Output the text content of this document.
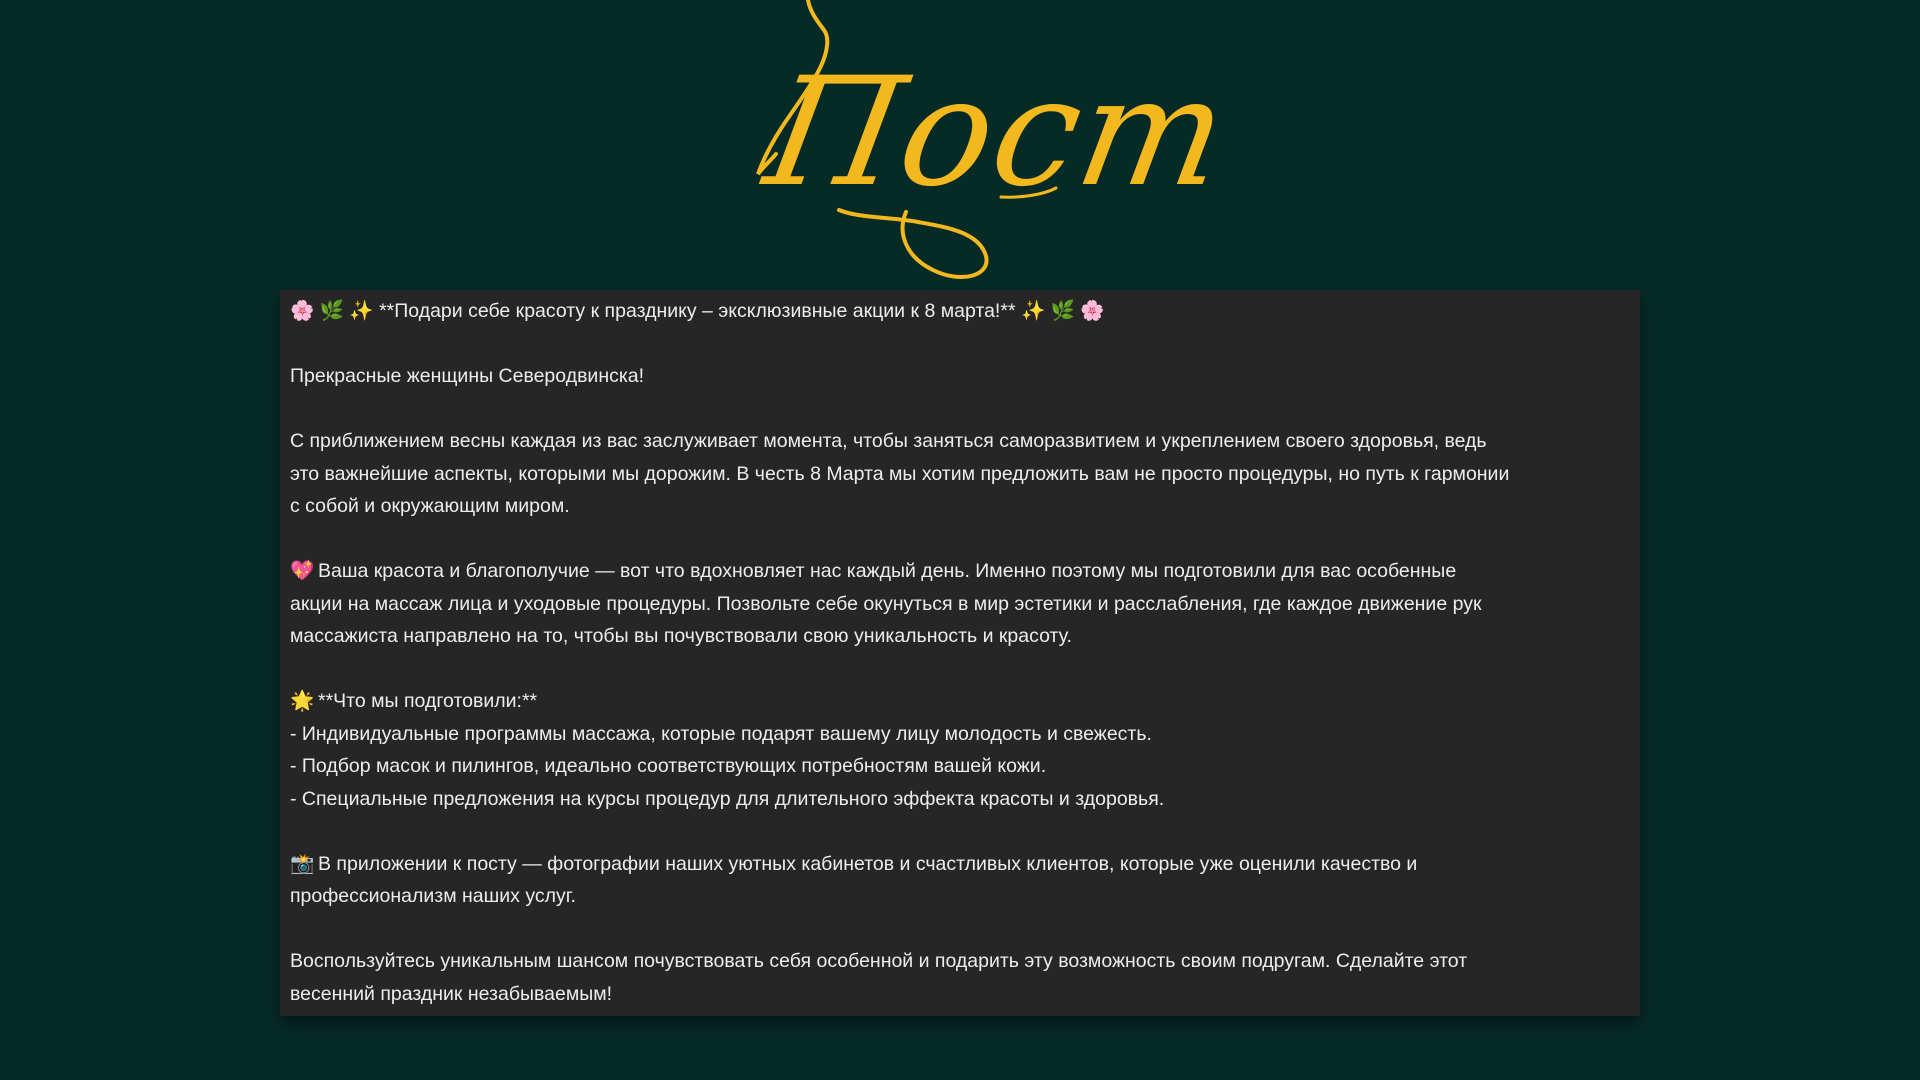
Пост
🌸 🌿 ✨ **Подари себе красоту к празднику – эксклюзивные акции к 8 марта!** ✨ 🌿 🌸
Прекрасные женщины Северодвинска!
С приближением весны каждая из вас заслуживает момента, чтобы заняться саморазвитием и укреплением своего здоровья, ведь
это важнейшие аспекты, которыми мы дорожим. В честь 8 Марта мы хотим предложить вам не просто процедуры, но путь к гармонии
с собой и окружающим миром.
💖 Ваша красота и благополучие — вот что вдохновляет нас каждый день. Именно поэтому мы подготовили для вас особенные
акции на массаж лица и уходовые процедуры. Позвольте себе окунуться в мир эстетики и расслабления, где каждое движение рук
массажиста направлено на то, чтобы вы почувствовали свою уникальность и красоту.
🌟 **Что мы подготовили:**
- Индивидуальные программы массажа, которые подарят вашему лицу молодость и свежесть.
- Подбор масок и пилингов, идеально соответствующих потребностям вашей кожи.
- Специальные предложения на курсы процедур для длительного эффекта красоты и здоровья.
📸 В приложении к посту — фотографии наших уютных кабинетов и счастливых клиентов, которые уже оценили качество и
профессионализм наших услуг.
Воспользуйтесь уникальным шансом почувствовать себя особенной и подарить эту возможность своим подругам. Сделайте этот
весенний праздник незабываемым!
